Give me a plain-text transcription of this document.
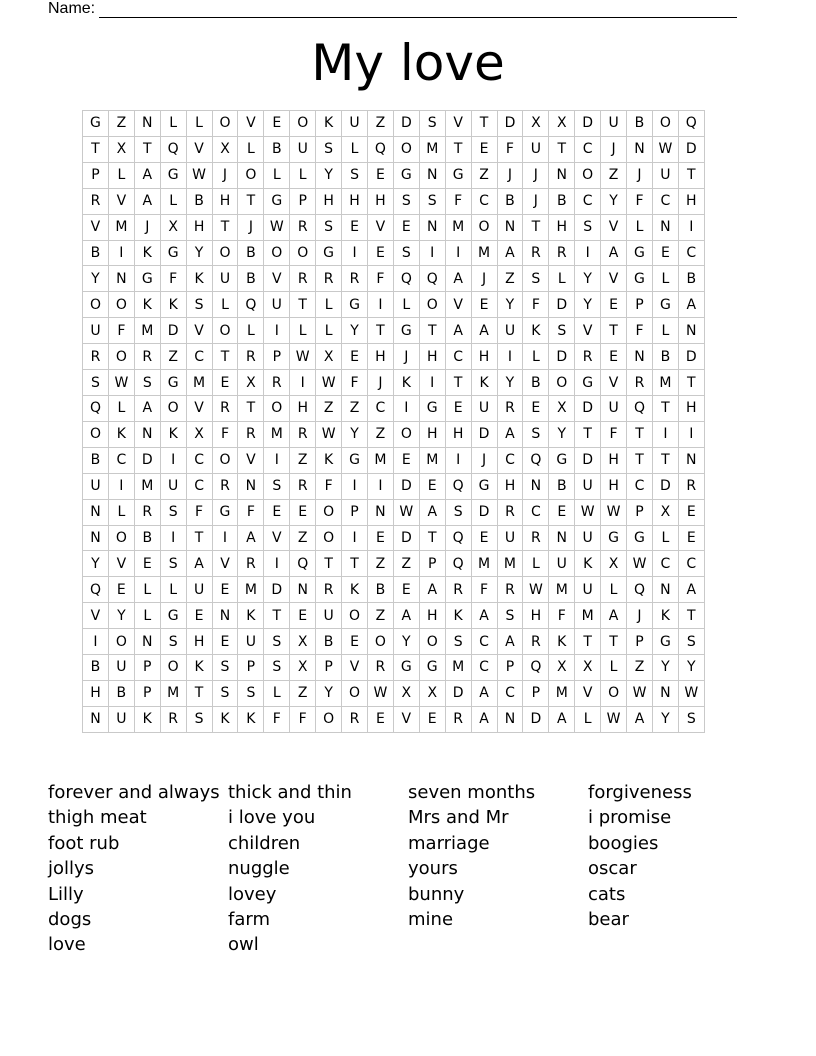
Name:
My love
G	Z	N	L	L	O	V	E	O	K	U	Z	D	S	V	T	D	X	X	D	U	B	O	Q
T	X	T	Q	V	X	L	B	U	S	L	Q	O	M	T	E	F	U	T	C	J	N	W	D
P	L	A	G	W	J	O	L	L	Y	S	E	G	N	G	Z	J	J	N	O	Z	J	U	T
R	V	A	L	B	H	T	G	P	H	H	H	S	S	F	C	B	J	B	C	Y	F	C	H
V	M	J	X	H	T	J	W	R	S	E	V	E	N	M	O	N	T	H	S	V	L	N	I
B	I	K	G	Y	O	B	O	O	G	I	E	S	I	I	M	A	R	R	I	A	G	E	C
Y	N	G	F	K	U	B	V	R	R	R	F	Q	Q	A	J	Z	S	L	Y	V	G	L	B
O	O	K	K	S	L	Q	U	T	L	G	I	L	O	V	E	Y	F	D	Y	E	P	G	A
U	F	M	D	V	O	L	I	L	L	Y	T	G	T	A	A	U	K	S	V	T	F	L	N
R	O	R	Z	C	T	R	P	W	X	E	H	J	H	C	H	I	L	D	R	E	N	B	D
S	W	S	G	M	E	X	R	I	W	F	J	K	I	T	K	Y	B	O	G	V	R	M	T
Q	L	A	O	V	R	T	O	H	Z	Z	C	I	G	E	U	R	E	X	D	U	Q	T	H
O	K	N	K	X	F	R	M	R	W	Y	Z	O	H	H	D	A	S	Y	T	F	T	I	I
B	C	D	I	C	O	V	I	Z	K	G	M	E	M	I	J	C	Q	G	D	H	T	T	N
U	I	M	U	C	R	N	S	R	F	I	I	D	E	Q	G	H	N	B	U	H	C	D	R
N	L	R	S	F	G	F	E	E	O	P	N	W	A	S	D	R	C	E	W	W	P	X	E
N	O	B	I	T	I	A	V	Z	O	I	E	D	T	Q	E	U	R	N	U	G	G	L	E
Y	V	E	S	A	V	R	I	Q	T	T	Z	Z	P	Q	M	M	L	U	K	X	W	C	C
Q	E	L	L	U	E	M	D	N	R	K	B	E	A	R	F	R	W	M	U	L	Q	N	A
V	Y	L	G	E	N	K	T	E	U	O	Z	A	H	K	A	S	H	F	M	A	J	K	T
I	O	N	S	H	E	U	S	X	B	E	O	Y	O	S	C	A	R	K	T	T	P	G	S
B	U	P	O	K	S	P	S	X	P	V	R	G	G	M	C	P	Q	X	X	L	Z	Y	Y
H	B	P	M	T	S	S	L	Z	Y	O	W	X	X	D	A	C	P	M	V	O	W	N	W
N	U	K	R	S	K	K	F	F	O	R	E	V	E	R	A	N	D	A	L	W	A	Y	S
forever and always
thigh meat
foot rub
jollys
Lilly
dogs
love
thick and thin
i love you
children
nuggle
lovey
farm
owl
seven months
Mrs and Mr
marriage
yours
bunny
mine
forgiveness
i promise
boogies
oscar
cats
bear
